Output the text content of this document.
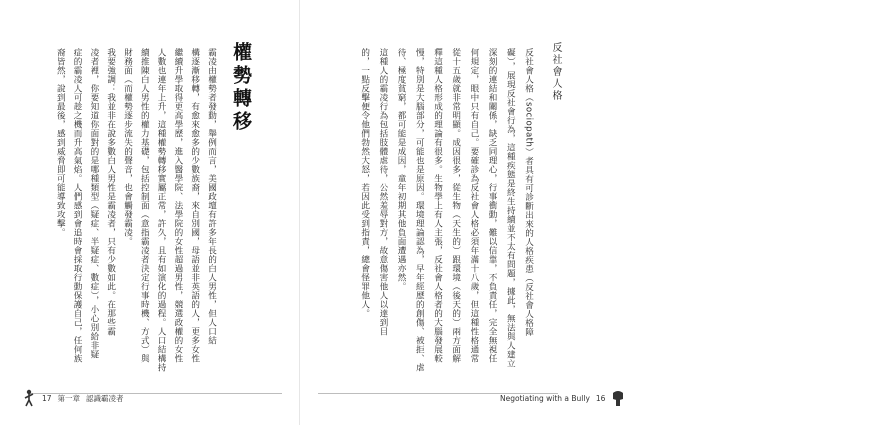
權勢轉移
霸凌由權勢者發動，舉例而言，美國政壇有許多年長的白人男性，但人口結
構逐漸移轉，有愈來愈多的少數族裔，來自別國，母語並非英語的人，更多女性
繼續升學取得更高學歷，進入醫學院、法學院的女性超過男性，競選政權的女性
人數也連年上升，這種權勢轉移實屬正常，許久，且有如演化的過程。人口結構持
續推陳白人男性的權力基礎，包括控制面（意指霸凌者決定行事時機、方式）與
財務面（而權勢逐步流失的聲音，也會觸發霸凌。
我要強調：我並非在說多數白人男性是霸凌者，只有少數如此。在那些霸
凌者裡，你要知道你面對的是哪種類型（疑症、半疑症、數症），小心別給非疑
症的霸凌人可趁之機而升高氣焰。人們感到會追時會採取行動保護自己，任何族
裔皆然，說到最後，感到威脅即可能導致攻擊。
17 第一章 認識霸凌者
反社會人格
反社會人格（sociopath）者具有可診斷出來的人格疾患（反社會人格障
礙），展現反社會行為，這種疾態是終生持續並不太有問題，據此，無法與人建立
深刻的連結和關係，缺乏同理心，行事衝動，難以信靠，不負責任，完全無視任
何規定，眼中只有自己。要確診為反社會人格必須年滿十八歲，但這種性格通常
從十五歲就非常明顯。成因很多，從生物（天生的）跟環境（後天的）兩方面解
釋這種人格形成的理論有很多。生物學上有人主張，反社會人格者的大腦發展較
慢，特別是大腦部分，可能也是原因。環境理論認為，早年經歷的創傷、被拒、虐
待、極度貧窮，都可能是成因，童年初期其他負面遭遇亦然。
這種人的霸凌行為包括肢體虐待，公然羞辱對方，故意傷害他人以達到目
的，一點反擊便令他們勃然大怒，若因此受到指責，總會怪罪他人。
Negotiating with a Bully 16
